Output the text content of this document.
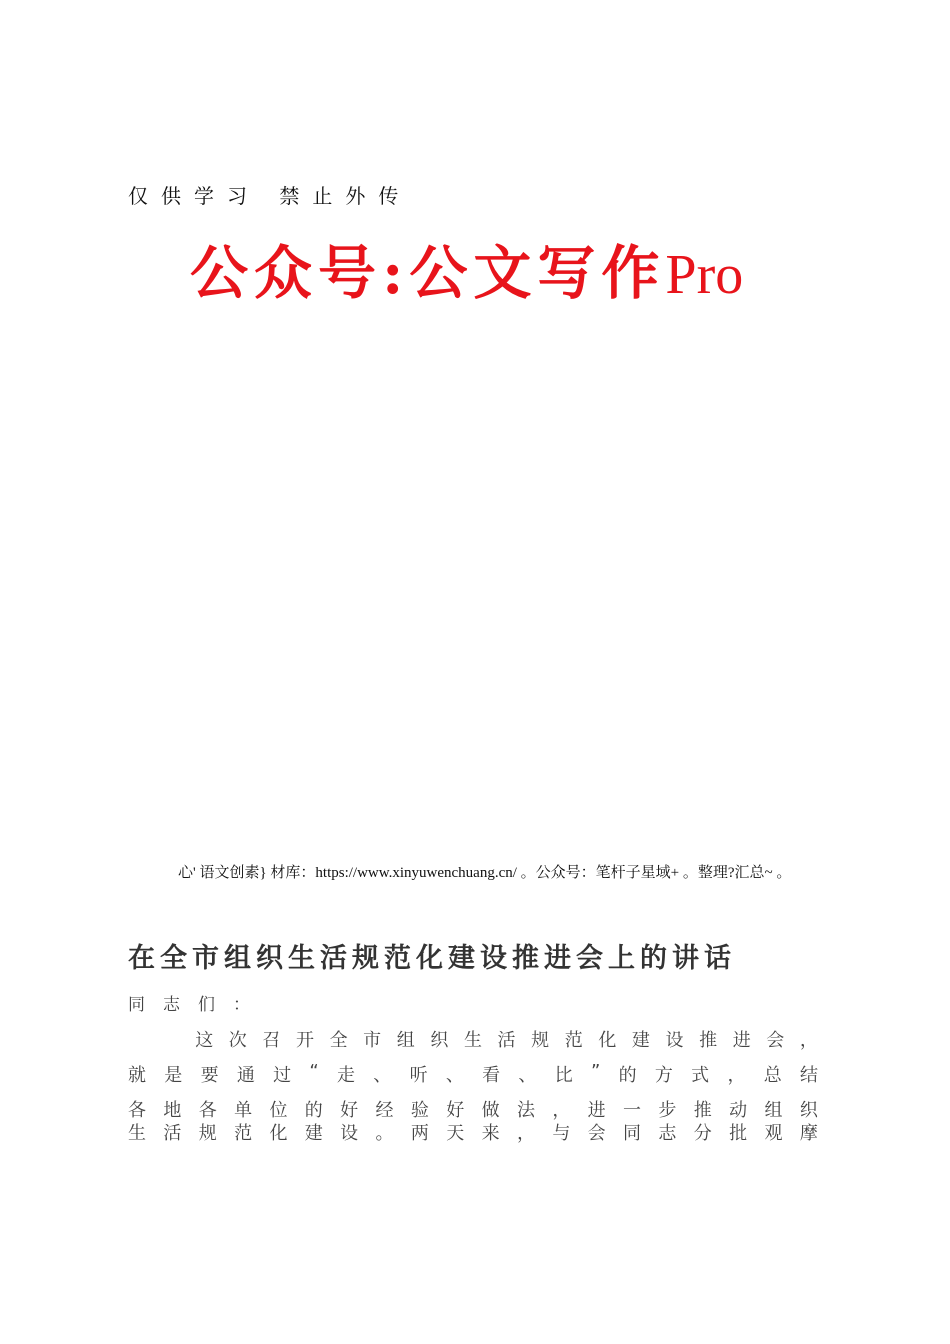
仅供学习 禁止外传
公众号:公文写作Pro
心' 语文创素} 材库：https://www.xinyuwenchuang.cn/ 。公众号：笔杆子星域+ 。整理?汇总~ 。
在全市组织生活规范化建设推进会上的讲话
同志们：

这 次 召 开 全 市 组 织 生 活 规 范 化 建 设 推 进 会 ，
就 是 要 通 过 “ 走 、 听 、 看 、 比 ” 的 方 式 ， 总 结
各 地 各 单 位 的 好 经 验 好 做 法 ， 进 一 步 推 动 组 织
生 活 规 范 化 建 设 。 两 天 来 ， 与 会 同 志 分 批 观 摩
